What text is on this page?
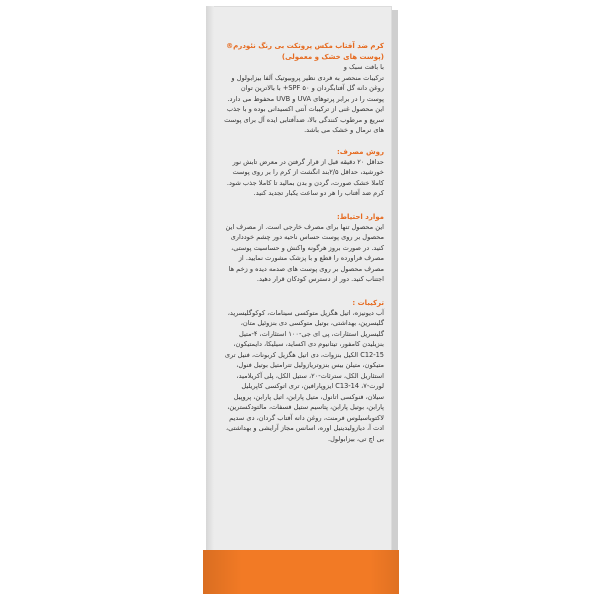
کرم ضد آفتاب مکس پروتکت بی رنگ نئودرم® (پوست های خشک و معمولی)
با بافت سبک و
ترکیبات منحصر به فردی نظیر پروبیوتیک آلفا بیزابولول و روغن دانه گل آفتابگردان و SPF ۵۰+ با بالاترین توان پوست را در برابر پرتوهای UVA و UVB محفوظ می دارد. این محصول غنی از ترکیبات آنتی اکسیدانی بوده و با جذب سریع و مرطوب کنندگی بالا، ضدآفتابی ایده آل برای پوست های نرمال و خشک می باشد.
روش مصرف:
حداقل ۲۰ دقیقه قبل از قرار گرفتن در معرض تابش نور خورشید، حداقل ۲/۵بند انگشت از کرم را بر روی پوست کاملا خشک صورت، گردن و بدن بمالید تا کاملا جذب شود. کرم ضد آفتاب را هر دو ساعت یکبار تجدید کنید.
موارد احتیاط:
این محصول تنها برای مصرف خارجی است. از مصرف این محصول بر روی پوست حساس ناحیه دور چشم خودداری کنید. در صورت بروز هرگونه واکنش و حساسیت پوستی، مصرف فراورده را قطع و با پزشک مشورت نمایید. از مصرف محصول بر روی پوست های صدمه دیده و زخم ها اجتناب کنید. دور از دسترس کودکان قرار دهید.
ترکیبات :
آب دیونیزه، اتیل هگزیل متوکسی سینامات، کوکوگلیسرید، گلیسرین، بهداشتی، بوتیل متوکسی دی بنزوئیل متان، گلیسریل استئارات، پی ای جی-۱۰۰ استئارات، ۴-متیل بنزیلیدن کامفور، تیتانیوم دی اکساید، سیلیکا، دایمتیکون، C12-15 الکیل بنزوات، دی اتیل هگزیل کربونات، فنیل تری متیکون، متیلن بیس بنزوتریازولیل تترامتیل بوتیل فنول، استئاریل الکل، سترئات-۲۰، ستیل الکل، پلی آکریلامید، لورت-۷، C13-14 ایزوپارافین، تری اتوکسی کاپریلیل سیلان، فنوکسی اتانول، متیل پارابن، اتیل پارابن، پروپیل پارابن، بوتیل پارابن، پتاسیم ستیل فسفات، مالتودکسترین، لاکتوباسیلوس فرمنت، روغن دانه آفتاب گردان، دی سدیم ادت آ، دیازولیدینیل اوره، اسانس مجاز آرایشی و بهداشتی، بی اچ تی، بیزابولول.
